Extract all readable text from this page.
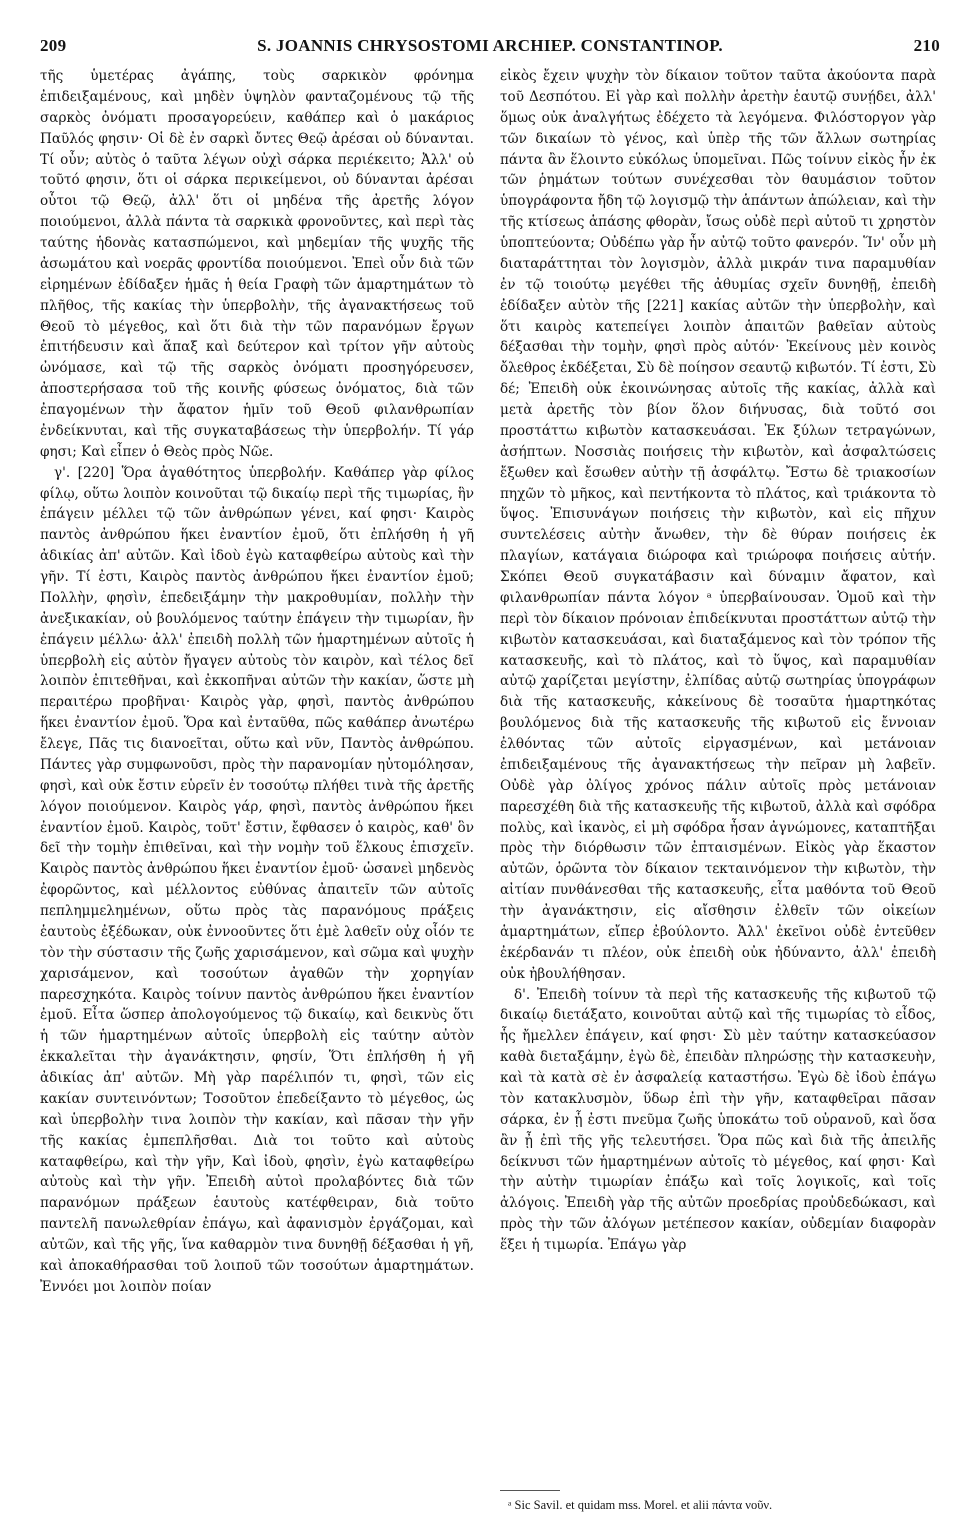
209	S. JOANNIS CHRYSOSTOMI ARCHIEP. CONSTANTINOP.	210

τῆς ὑμετέρας ἀγάπης, τοὺς σαρκικὸν φρόνημα ἐπιδειξαμένους, καὶ μηδὲν ὑψηλὸν φανταζομένους τῷ τῆς σαρκὸς ὀνόματι προσαγορεύειν, καθάπερ καὶ ὁ μακάριος Παῦλός φησιν· Οἱ δὲ ἐν σαρκὶ ὄντες Θεῷ ἀρέσαι οὐ δύνανται. Τί οὖν; αὐτὸς ὁ ταῦτα λέγων οὐχὶ σάρκα περιέκειτο; Ἀλλ' οὐ τοῦτό φησιν, ὅτι οἱ σάρκα περικείμενοι, οὐ δύνανται ἀρέσαι οὗτοι τῷ Θεῷ, ἀλλ' ὅτι οἱ μηδένα τῆς ἀρετῆς λόγον ποιούμενοι, ἀλλὰ πάντα τὰ σαρκικὰ φρονοῦντες, καὶ περὶ τὰς ταύτης ἡδονὰς κατασπώμενοι, καὶ μηδεμίαν τῆς ψυχῆς τῆς ἀσωμάτου καὶ νοερᾶς φροντίδα ποιούμενοι. Ἐπεὶ οὖν διὰ τῶν εἰρημένων ἐδίδαξεν ἡμᾶς ἡ θεία Γραφὴ τῶν ἁμαρτημάτων τὸ πλῆθος, τῆς κακίας τὴν ὑπερβολὴν, τῆς ἀγανακτήσεως τοῦ Θεοῦ τὸ μέγεθος, καὶ ὅτι διὰ τὴν τῶν παρανόμων ἔργων ἐπιτήδευσιν καὶ ἅπαξ καὶ δεύτερον καὶ τρίτον γῆν αὐτοὺς ὠνόμασε, καὶ τῷ τῆς σαρκὸς ὀνόματι προσηγόρευσεν, ἀποστερήσασα τοῦ τῆς κοινῆς φύσεως ὀνόματος, διὰ τῶν ἐπαγομένων τὴν ἄφατον ἡμῖν τοῦ Θεοῦ φιλανθρωπίαν ἐνδείκνυται, καὶ τῆς συγκαταβάσεως τὴν ὑπερβολήν. Τί γάρ φησι; Καὶ εἶπεν ὁ Θεὸς πρὸς Νῶε.

γ'. [220] Ὅρα ἀγαθότητος ὑπερβολήν. Καθάπερ γὰρ φίλος φίλῳ, οὕτω λοιπὸν κοινοῦται τῷ δικαίῳ περὶ τῆς τιμωρίας, ἣν ἐπάγειν μέλλει τῷ τῶν ἀνθρώπων γένει, καί φησι· Καιρὸς παντὸς ἀνθρώπου ἥκει ἐναντίον ἐμοῦ, ὅτι ἐπλήσθη ἡ γῆ ἀδικίας ἀπ' αὐτῶν. Καὶ ἰδοὺ ἐγὼ καταφθείρω αὐτοὺς καὶ τὴν γῆν. Τί ἐστι, Καιρὸς παντὸς ἀνθρώπου ἥκει ἐναντίον ἐμοῦ; Πολλὴν, φησὶν, ἐπεδειξάμην τὴν μακροθυμίαν, πολλὴν τὴν ἀνεξικακίαν, οὐ βουλόμενος ταύτην ἐπάγειν τὴν τιμωρίαν, ἣν ἐπάγειν μέλλω· ἀλλ' ἐπειδὴ πολλὴ τῶν ἡμαρτημένων αὐτοῖς ἡ ὑπερβολὴ εἰς αὐτὸν ἤγαγεν αὐτοὺς τὸν καιρὸν, καὶ τέλος δεῖ λοιπὸν ἐπιτεθῆναι, καὶ ἐκκοπῆναι αὐτῶν τὴν κακίαν, ὥστε μὴ περαιτέρω προβῆναι· Καιρὸς γὰρ, φησὶ, παντὸς ἀνθρώπου ἥκει ἐναντίον ἐμοῦ. Ὅρα καὶ ἐνταῦθα, πῶς καθάπερ ἀνωτέρω ἔλεγε, Πᾶς τις διανοεῖται, οὕτω καὶ νῦν, Παντὸς ἀνθρώπου. Πάντες γὰρ συμφωνοῦσι, πρὸς τὴν παρανομίαν ηὐτομόλησαν, φησὶ, καὶ οὐκ ἔστιν εὑρεῖν ἐν τοσούτῳ πλήθει τινὰ τῆς ἀρετῆς λόγον ποιούμενον. Καιρὸς γάρ, φησὶ, παντὸς ἀνθρώπου ἥκει ἐναντίον ἐμοῦ. Καιρὸς, τοῦτ' ἔστιν, ἔφθασεν ὁ καιρὸς, καθ' ὃν δεῖ τὴν τομὴν ἐπιθεῖναι, καὶ τὴν νομὴν τοῦ ἕλκους ἐπισχεῖν. Καιρὸς παντὸς ἀνθρώπου ἥκει ἐναντίον ἐμοῦ· ὡσανεὶ μηδενὸς ἐφορῶντος, καὶ μέλλοντος εὐθύνας ἀπαιτεῖν τῶν αὐτοῖς πεπλημμελημένων, οὕτω πρὸς τὰς παρανόμους πράξεις ἑαυτοὺς ἐξέδωκαν, οὐκ ἐννοοῦντες ὅτι ἐμὲ λαθεῖν οὐχ οἷόν τε τὸν τὴν σύστασιν τῆς ζωῆς χαρισάμενον, καὶ σῶμα καὶ ψυχὴν χαρισάμενον, καὶ τοσούτων ἀγαθῶν τὴν χορηγίαν παρεσχηκότα. Καιρὸς τοίνυν παντὸς ἀνθρώπου ἥκει ἐναντίον ἐμοῦ. Εἶτα ὥσπερ ἀπολογούμενος τῷ δικαίῳ, καὶ δεικνὺς ὅτι ἡ τῶν ἡμαρτημένων αὐτοῖς ὑπερβολὴ εἰς ταύτην αὐτὸν ἐκκαλεῖται τὴν ἀγανάκτησιν, φησίν, Ὅτι ἐπλήσθη ἡ γῆ ἀδικίας ἀπ' αὐτῶν. Μὴ γὰρ παρέλιπόν τι, φησὶ, τῶν εἰς κακίαν συντεινόντων; Τοσοῦτον ἐπεδείξαντο τὸ μέγεθος, ὡς καὶ ὑπερβολὴν τινα λοιπὸν τὴν κακίαν, καὶ πᾶσαν τὴν γῆν τῆς κακίας ἐμπεπλῆσθαι. Διὰ τοι τοῦτο καὶ αὐτοὺς καταφθείρω, καὶ τὴν γῆν, Καὶ ἰδοὺ, φησὶν, ἐγὼ καταφθείρω αὐτοὺς καὶ τὴν γῆν. Ἐπειδὴ αὐτοὶ προλαβόντες διὰ τῶν παρανόμων πράξεων ἑαυτοὺς κατέφθειραν, διὰ τοῦτο παντελῆ πανωλεθρίαν ἐπάγω, καὶ ἀφανισμὸν ἐργάζομαι, καὶ αὐτῶν, καὶ τῆς γῆς, ἵνα καθαρμὸν τινα δυνηθῇ δέξασθαι ἡ γῆ, καὶ ἀποκαθήρασθαι τοῦ λοιποῦ τῶν τοσούτων ἁμαρτημάτων. Ἐννόει μοι λοιπὸν ποίαν

εἰκὸς ἔχειν ψυχὴν τὸν δίκαιον τοῦτον ταῦτα ἀκούοντα παρὰ τοῦ Δεσπότου. Εἰ γὰρ καὶ πολλὴν ἀρετὴν ἑαυτῷ συνῄδει, ἀλλ' ὅμως οὐκ ἀναλγήτως ἐδέχετο τὰ λεγόμενα. Φιλόστοργον γὰρ τῶν δικαίων τὸ γένος, καὶ ὑπὲρ τῆς τῶν ἄλλων σωτηρίας πάντα ἂν ἕλοιντο εὐκόλως ὑπομεῖναι. Πῶς τοίνυν εἰκὸς ἦν ἐκ τῶν ῥημάτων τούτων συνέχεσθαι τὸν θαυμάσιον τοῦτον ὑπογράφοντα ἤδη τῷ λογισμῷ τὴν ἁπάντων ἀπώλειαν, καὶ τὴν τῆς κτίσεως ἁπάσης φθορὰν, ἴσως οὐδὲ περὶ αὐτοῦ τι χρηστὸν ὑποπτεύοντα; Οὐδέπω γὰρ ἦν αὐτῷ τοῦτο φανερόν. Ἵν' οὖν μὴ διαταράττηται τὸν λογισμὸν, ἀλλὰ μικράν τινα παραμυθίαν ἐν τῷ τοιούτῳ μεγέθει τῆς ἀθυμίας σχεῖν δυνηθῇ, ἐπειδὴ ἐδίδαξεν αὐτὸν τῆς [221] κακίας αὐτῶν τὴν ὑπερβολὴν, καὶ ὅτι καιρὸς κατεπείγει λοιπὸν ἁπαιτῶν βαθεῖαν αὐτοὺς δέξασθαι τὴν τομὴν, φησὶ πρὸς αὐτόν· Ἐκείνους μὲν κοινὸς ὄλεθρος ἐκδέξεται, Σὺ δὲ ποίησον σεαυτῷ κιβωτόν. Τί ἐστι, Σὺ δέ; Ἐπειδὴ οὐκ ἐκοινώνησας αὐτοῖς τῆς κακίας, ἀλλὰ καὶ μετὰ ἀρετῆς τὸν βίον ὅλον διήνυσας, διὰ τοῦτό σοι προστάττω κιβωτὸν κατασκευάσαι. Ἐκ ξύλων τετραγώνων, ἀσήπτων. Νοσσιὰς ποιήσεις τὴν κιβωτὸν, καὶ ἀσφαλτώσεις ἔξωθεν καὶ ἔσωθεν αὐτὴν τῇ ἀσφάλτῳ. Ἔστω δὲ τριακοσίων πηχῶν τὸ μῆκος, καὶ πεντήκοντα τὸ πλάτος, καὶ τριάκοντα τὸ ὕψος. Ἐπισυνάγων ποιήσεις τὴν κιβωτὸν, καὶ εἰς πῆχυν συντελέσεις αὐτὴν ἄνωθεν, τὴν δὲ θύραν ποιήσεις ἐκ πλαγίων, κατάγαια διώροφα καὶ τριώροφα ποιήσεις αὐτήν. Σκόπει Θεοῦ συγκατάβασιν καὶ δύναμιν ἄφατον, καὶ φιλανθρωπίαν πάντα λόγον ᵃ ὑπερβαίνουσαν. Ὁμοῦ καὶ τὴν περὶ τὸν δίκαιον πρόνοιαν ἐπιδείκνυται προστάττων αὐτῷ τὴν κιβωτὸν κατασκευάσαι, καὶ διαταξάμενος καὶ τὸν τρόπον τῆς κατασκευῆς, καὶ τὸ πλάτος, καὶ τὸ ὕψος, καὶ παραμυθίαν αὐτῷ χαρίζεται μεγίστην, ἐλπίδας αὐτῷ σωτηρίας ὑπογράφων διὰ τῆς κατασκευῆς, κἀκείνους δὲ τοσαῦτα ἡμαρτηκότας βουλόμενος διὰ τῆς κατασκευῆς τῆς κιβωτοῦ εἰς ἔννοιαν ἐλθόντας τῶν αὐτοῖς εἰργασμένων, καὶ μετάνοιαν ἐπιδειξαμένους τῆς ἀγανακτήσεως τὴν πεῖραν μὴ λαβεῖν. Οὐδὲ γὰρ ὀλίγος χρόνος πάλιν αὐτοῖς πρὸς μετάνοιαν παρεσχέθη διὰ τῆς κατασκευῆς τῆς κιβωτοῦ, ἀλλὰ καὶ σφόδρα πολὺς, καὶ ἱκανὸς, εἰ μὴ σφόδρα ἦσαν ἀγνώμονες, καταπτῆξαι πρὸς τὴν διόρθωσιν τῶν ἐπταισμένων. Εἰκὸς γὰρ ἕκαστον αὐτῶν, ὁρῶντα τὸν δίκαιον τεκταινόμενον τὴν κιβωτὸν, τὴν αἰτίαν πυνθάνεσθαι τῆς κατασκευῆς, εἶτα μαθόντα τοῦ Θεοῦ τὴν ἀγανάκτησιν, εἰς αἴσθησιν ἐλθεῖν τῶν οἰκείων ἁμαρτημάτων, εἴπερ ἐβούλοντο. Ἀλλ' ἐκεῖνοι οὐδὲ ἐντεῦθεν ἐκέρδανάν τι πλέον, οὐκ ἐπειδὴ οὐκ ἠδύναντο, ἀλλ' ἐπειδὴ οὐκ ἠβουλήθησαν.

δ'. Ἐπειδὴ τοίνυν τὰ περὶ τῆς κατασκευῆς τῆς κιβωτοῦ τῷ δικαίῳ διετάξατο, κοινοῦται αὐτῷ καὶ τῆς τιμωρίας τὸ εἶδος, ἧς ἤμελλεν ἐπάγειν, καί φησι· Σὺ μὲν ταύτην κατασκεύασον καθὰ διεταξάμην, ἐγὼ δὲ, ἐπειδὰν πληρώσῃς τὴν κατασκευὴν, καὶ τὰ κατὰ σὲ ἐν ἀσφαλείᾳ καταστήσω. Ἐγὼ δὲ ἰδοὺ ἐπάγω τὸν κατακλυσμὸν, ὕδωρ ἐπὶ τὴν γῆν, καταφθεῖραι πᾶσαν σάρκα, ἐν ᾗ ἐστι πνεῦμα ζωῆς ὑποκάτω τοῦ οὐρανοῦ, καὶ ὅσα ἂν ᾖ ἐπὶ τῆς γῆς τελευτήσει. Ὅρα πῶς καὶ διὰ τῆς ἀπειλῆς δείκνυσι τῶν ἡμαρτημένων αὐτοῖς τὸ μέγεθος, καί φησι· Καὶ τὴν αὐτὴν τιμωρίαν ἐπάξω καὶ τοῖς λογικοῖς, καὶ τοῖς ἀλόγοις. Ἐπειδὴ γὰρ τῆς αὐτῶν προεδρίας προὐδεδώκασι, καὶ πρὸς τὴν τῶν ἀλόγων μετέπεσον κακίαν, οὐδεμίαν διαφορὰν ἕξει ἡ τιμωρία. Ἐπάγω γὰρ

ᵃ Sic Savil. et quidam mss. Morel. et alii πάντα νοῦν.
